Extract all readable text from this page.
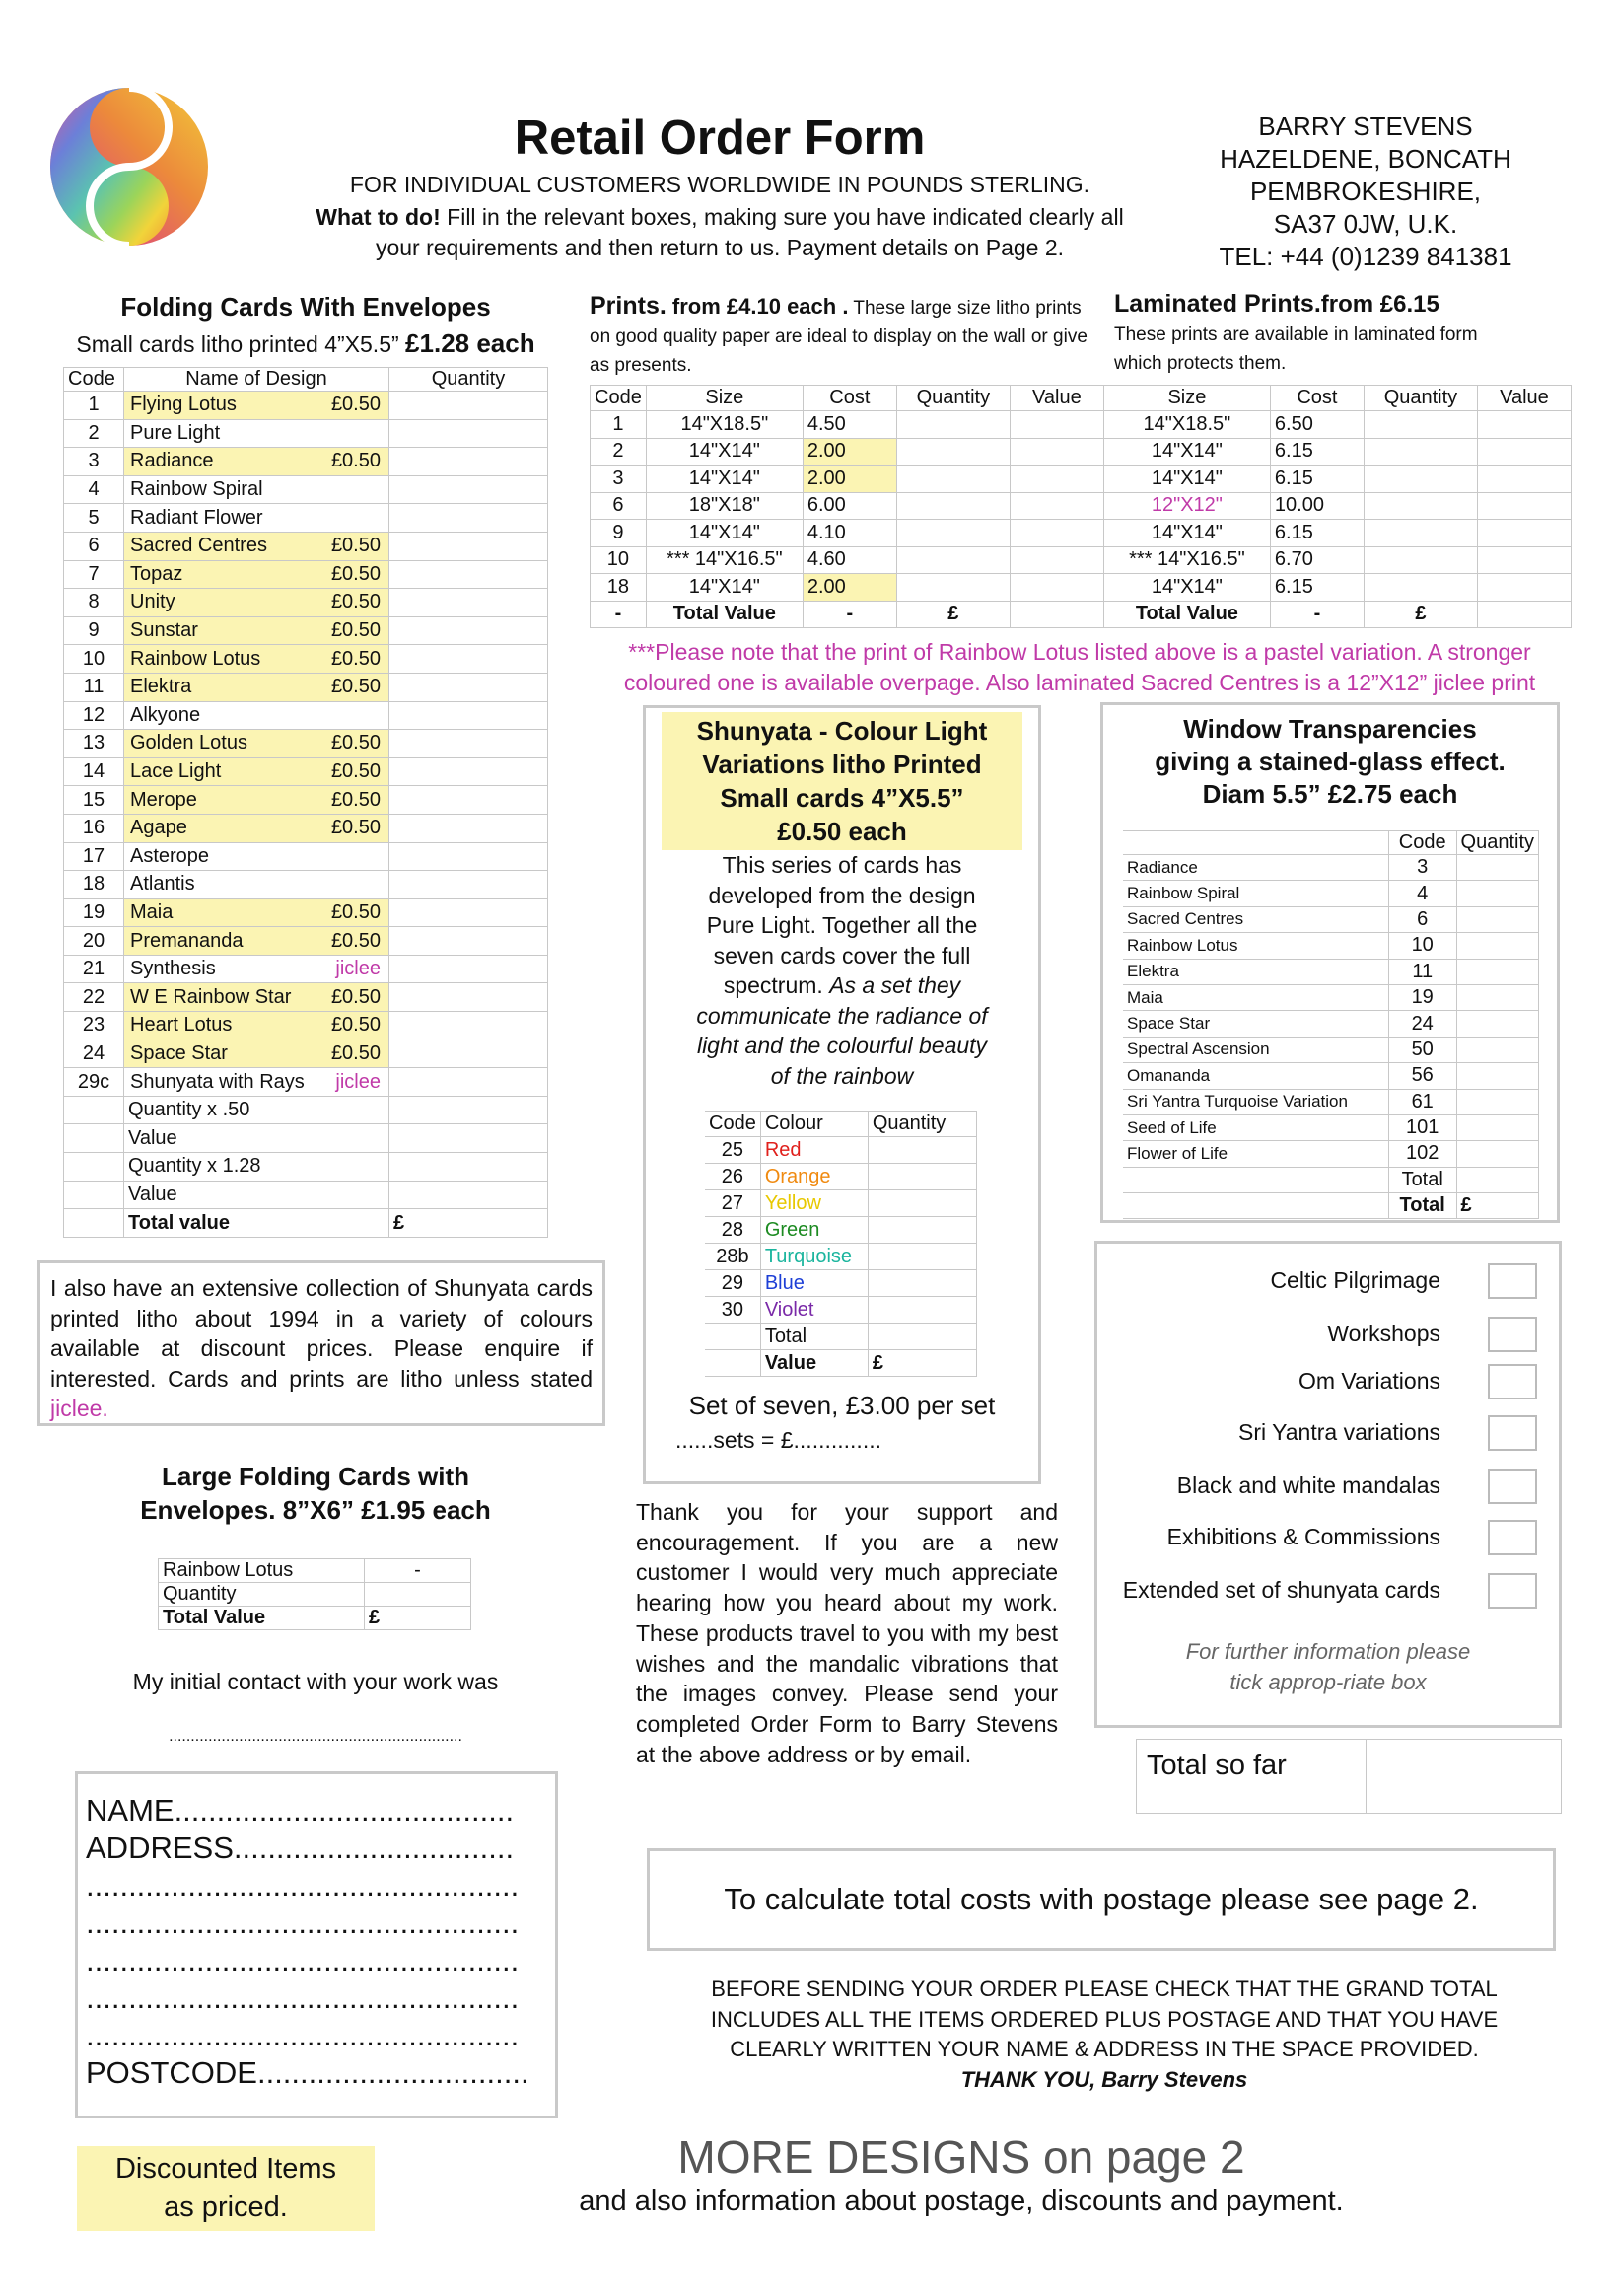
Retail Order Form
FOR INDIVIDUAL CUSTOMERS WORLDWIDE IN POUNDS STERLING.
What to do! Fill in the relevant boxes, making sure you have indicated clearly all
your requirements and then return to us. Payment details on Page 2.
BARRY STEVENS
HAZELDENE, BONCATH
PEMBROKESHIRE,
SA37 0JW, U.K.
TEL: +44 (0)1239 841381
Folding Cards With Envelopes
Small cards litho printed 4”X5.5” £1.28 each
Code	Name of Design	Quantity
1	Flying Lotus £0.50	

2	Pure Light

3	Radiance £0.50	

4	Rainbow Spiral

5	Radiant Flower

6	Sacred Centres £0.50	

7	Topaz £0.50	

8	Unity £0.50	

9	Sunstar £0.50	

10	Rainbow Lotus £0.50	

11	Elektra £0.50	

12	Alkyone

13	Golden Lotus £0.50	

14	Lace Light £0.50	

15	Merope £0.50	

16	Agape £0.50	

17	Asterope

18	Atlantis

19	Maia £0.50	

20	Premananda £0.50	

21	Synthesis jiclee	

22	W E Rainbow Star £0.50	

23	Heart Lotus £0.50	

24	Space Star £0.50	

29c	Shunyata with Rays jiclee	

	Quantity x .50	
	Value	
	Quantity x 1.28	
	Value	
	Total value	£
Prints. from £4.10 each . These large size litho prints on good quality paper are ideal to display on the wall or give as presents.
Laminated Prints.from £6.15
These prints are available in laminated form which protects them.
Code	Size	Cost	Quantity	Value	Size	Cost	Quantity	Value
1	14"X18.5"	4.50			14"X18.5"	6.50		
2	14"X14"	2.00			14"X14"	6.15		
3	14"X14"	2.00			14"X14"	6.15		
6	18"X18"	6.00			12"X12"	10.00		
9	14"X14"	4.10			14"X14"	6.15		
10	*** 14"X16.5"	4.60			*** 14"X16.5"	6.70		
18	14"X14"	2.00			14"X14"	6.15		
-	Total Value	-	£		Total Value	-	£	
***Please note that the print of Rainbow Lotus listed above is a pastel variation. A stronger
coloured one is available overpage. Also laminated Sacred Centres is a 12”X12” jiclee print
Shunyata - Colour Light
Variations litho Printed
Small cards 4”X5.5”
£0.50 each
This series of cards has
developed from the design
Pure Light. Together all the
seven cards cover the full
spectrum. As a set they
communicate the radiance of
light and the colourful beauty
of the rainbow
Code	Colour	Quantity
25	Red	
26	Orange	
27	Yellow	
28	Green	
28b	Turquoise	
29	Blue	
30	Violet	
	Total	
	Value	£
Set of seven, £3.00 per set
......sets = £..............
Window Transparencies
giving a stained-glass effect.
Diam 5.5” £2.75 each
	Code	Quantity
Radiance	3	
Rainbow Spiral	4	
Sacred Centres	6	
Rainbow Lotus	10	
Elektra	11	
Maia	19	
Space Star	24	
Spectral Ascension	50	
Omananda	56	
Sri Yantra Turquoise Variation	61	
Seed of Life	101	
Flower of Life	102	
	Total	
	Total	£
Celtic Pilgrimage
Workshops
Om Variations
Sri Yantra variations
Black and white mandalas
Exhibitions & Commissions
Extended set of shunyata cards
For further information please
tick approp-riate box
Total so far
I also have an extensive collection of Shunyata cards printed litho about 1994 in a variety of colours available at discount prices. Please enquire if interested. Cards and prints are litho unless stated jiclee.
Large Folding Cards with
Envelopes. 8”X6” £1.95 each
Rainbow Lotus	-
Quantity	
Total Value	£
My initial contact with your work was
...................................................................
Thank you for your support and encouragement. If you are a new customer I would very much appreciate hearing how you heard about my work. These products travel to you with my best wishes and the mandalic vibrations that the images convey. Please send your completed Order Form to Barry Stevens at the above address or by email.
NAME........................................
ADDRESS.................................
...................................................
...................................................
...................................................
...................................................
...................................................
POSTCODE................................
To calculate total costs with postage please see page 2.
BEFORE SENDING YOUR ORDER PLEASE CHECK THAT THE GRAND TOTAL
INCLUDES ALL THE ITEMS ORDERED PLUS POSTAGE AND THAT YOU HAVE
CLEARLY WRITTEN YOUR NAME & ADDRESS IN THE SPACE PROVIDED.
THANK YOU, Barry Stevens
Discounted Items
as priced.
MORE DESIGNS on page 2
and also information about postage, discounts and payment.
